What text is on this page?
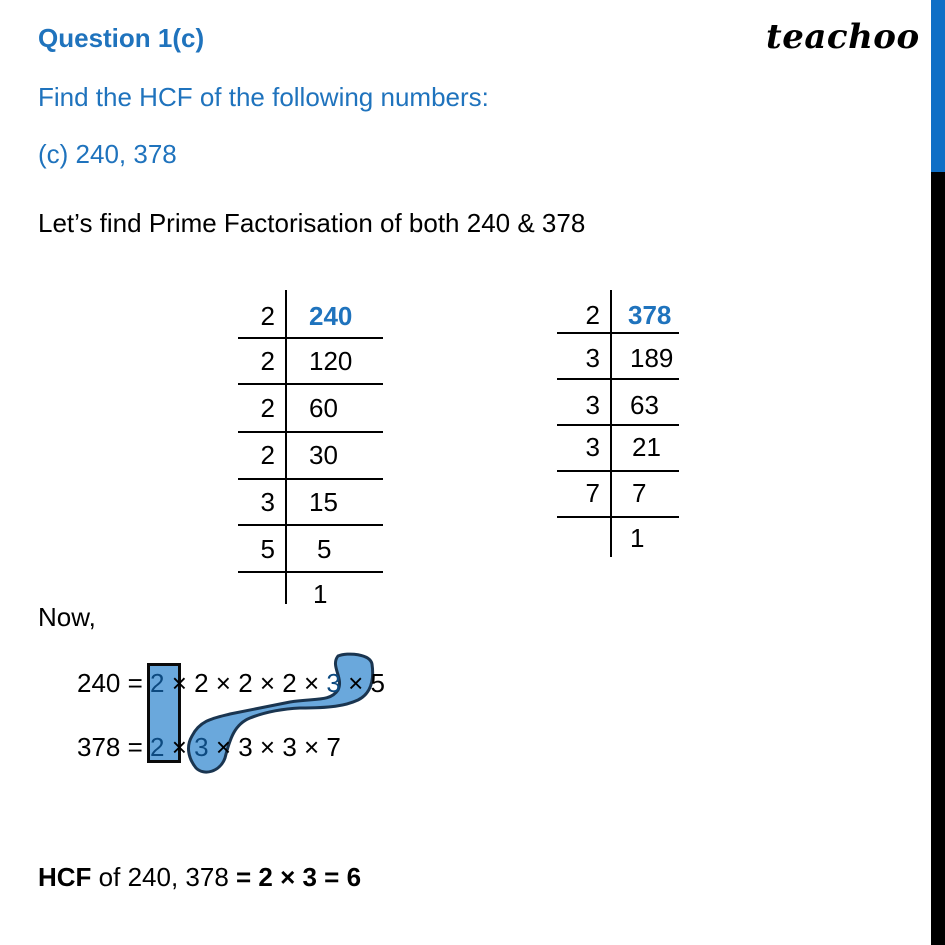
teachoo
Question 1(c)
Find the HCF of the following numbers:
(c) 240, 378
Let’s find Prime Factorisation of both 240 & 378
2 240
2 120
2 60
2 30
3 15
5 5
1
2 378
3 189
3 63
3 21
7 7
1
Now,
240 = 2 × 2 × 2 × 2 × 3 × 5
378 = 2 × 3 × 3 × 3 × 7
HCF of 240, 378 = 2 × 3 = 6
